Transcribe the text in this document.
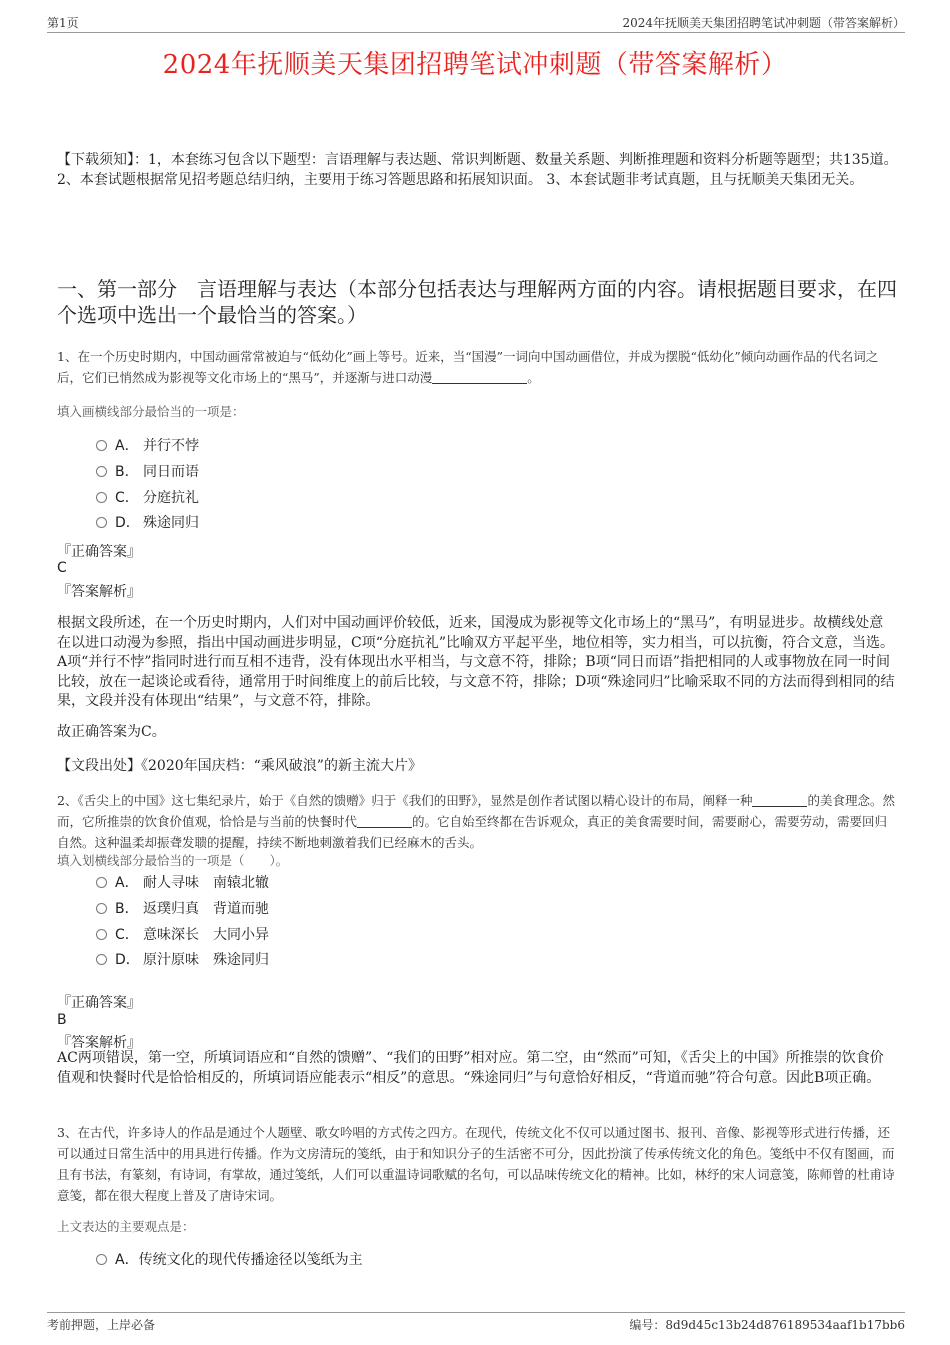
第1页	2024年抚顺美天集团招聘笔试冲刺题（带答案解析）
2024年抚顺美天集团招聘笔试冲刺题（带答案解析）
【下载须知】：1，本套练习包含以下题型：言语理解与表达题、常识判断题、数量关系题、判断推理题和资料分析题等题型；共135道。 2、本套试题根据常见招考题总结归纳，主要用于练习答题思路和拓展知识面。 3、本套试题非考试真题，且与抚顺美天集团无关。
一、第一部分　言语理解与表达（本部分包括表达与理解两方面的内容。请根据题目要求，在四个选项中选出一个最恰当的答案。）
1、在一个历史时期内，中国动画常常被迫与“低幼化”画上等号。近来，当“国漫”一词向中国动画借位，并成为摆脱“低幼化”倾向动画作品的代名词之后，它们已悄然成为影视等文化市场上的“黑马”，并逐渐与进口动漫	。
填入画横线部分最恰当的一项是：
A． 并行不悖
B． 同日而语
C． 分庭抗礼
D． 殊途同归
『正确答案』
C
『答案解析』
根据文段所述，在一个历史时期内，人们对中国动画评价较低，近来，国漫成为影视等文化市场上的“黑马”，有明显进步。故横线处意在以进口动漫为参照，指出中国动画进步明显，C项“分庭抗礼”比喻双方平起平坐，地位相等，实力相当，可以抗衡，符合文意，当选。A项“并行不悖”指同时进行而互相不违背，没有体现出水平相当，与文意不符，排除；B项“同日而语”指把相同的人或事物放在同一时间比较，放在一起谈论或看待，通常用于时间维度上的前后比较，与文意不符，排除；D项“殊途同归”比喻采取不同的方法而得到相同的结果，文段并没有体现出“结果”，与文意不符，排除。
故正确答案为C。
【文段出处】《2020年国庆档：“乘风破浪”的新主流大片》
2、《舌尖上的中国》这七集纪录片，始于《自然的馈赠》归于《我们的田野》，显然是创作者试图以精心设计的布局，阐释一种	的美食理念。然而，它所推崇的饮食价值观，恰恰是与当前的快餐时代	的。它自始至终都在告诉观众，真正的美食需要时间，需要耐心，需要劳动，需要回归自然。这种温柔却振聋发聩的提醒，持续不断地刺激着我们已经麻木的舌头。
填入划横线部分最恰当的一项是（　　）。
A． 耐人寻味　南辕北辙
B． 返璞归真　背道而驰
C． 意味深长　大同小异
D． 原汁原味　殊途同归
『正确答案』
B
『答案解析』
AC两项错误，第一空，所填词语应和“自然的馈赠”、“我们的田野”相对应。第二空，由“然而”可知，《舌尖上的中国》所推崇的饮食价值观和快餐时代是恰恰相反的，所填词语应能表示“相反”的意思。“殊途同归”与句意恰好相反，“背道而驰”符合句意。因此B项正确。
3、在古代，许多诗人的作品是通过个人题壁、歌女吟唱的方式传之四方。在现代，传统文化不仅可以通过图书、报刊、音像、影视等形式进行传播，还可以通过日常生活中的用具进行传播。作为文房清玩的笺纸，由于和知识分子的生活密不可分，因此扮演了传承传统文化的角色。笺纸中不仅有图画，而且有书法，有篆刻，有诗词，有掌故，通过笺纸，人们可以重温诗词歌赋的名句，可以品味传统文化的精神。比如，林纾的宋人词意笺，陈师曾的杜甫诗意笺，都在很大程度上普及了唐诗宋词。
上文表达的主要观点是：
A．传统文化的现代传播途径以笺纸为主
考前押题，上岸必备	编号：8d9d45c13b24d876189534aaf1b17bb6
